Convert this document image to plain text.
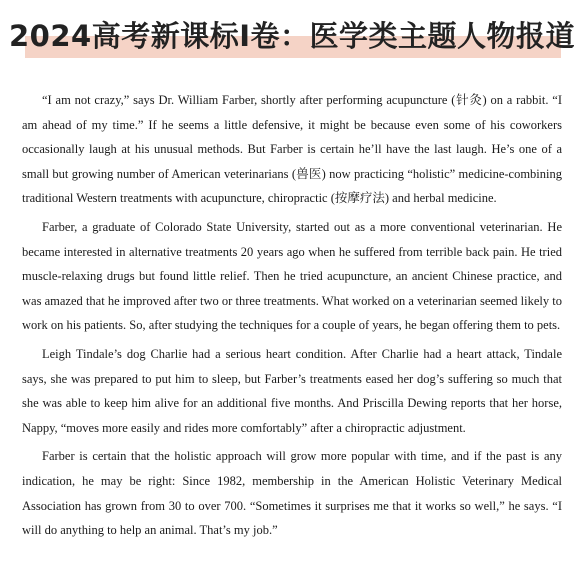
2024高考新课标I卷：医学类主题人物报道

“I am not crazy,” says Dr. William Farber, shortly after performing acupuncture (针灸) on a rabbit. “I am ahead of my time.” If he seems a little defensive, it might be because even some of his coworkers occasionally laugh at his unusual methods. But Farber is certain he’ll have the last laugh. He’s one of a small but growing number of American veterinarians (兽医) now practicing “holistic” medicine-combining traditional Western treatments with acupuncture, chiropractic (按摩疗法) and herbal medicine.

Farber, a graduate of Colorado State University, started out as a more conventional veterinarian. He became interested in alternative treatments 20 years ago when he suffered from terrible back pain. He tried muscle-relaxing drugs but found little relief. Then he tried acupuncture, an ancient Chinese practice, and was amazed that he improved after two or three treatments. What worked on a veterinarian seemed likely to work on his patients. So, after studying the techniques for a couple of years, he began offering them to pets.

Leigh Tindale’s dog Charlie had a serious heart condition. After Charlie had a heart attack, Tindale says, she was prepared to put him to sleep, but Farber’s treatments eased her dog’s suffering so much that she was able to keep him alive for an additional five months. And Priscilla Dewing reports that her horse, Nappy, “moves more easily and rides more comfortably” after a chiropractic adjustment.

Farber is certain that the holistic approach will grow more popular with time, and if the past is any indication, he may be right: Since 1982, membership in the American Holistic Veterinary Medical Association has grown from 30 to over 700. “Sometimes it surprises me that it works so well,” he says. “I will do anything to help an animal. That’s my job.”
